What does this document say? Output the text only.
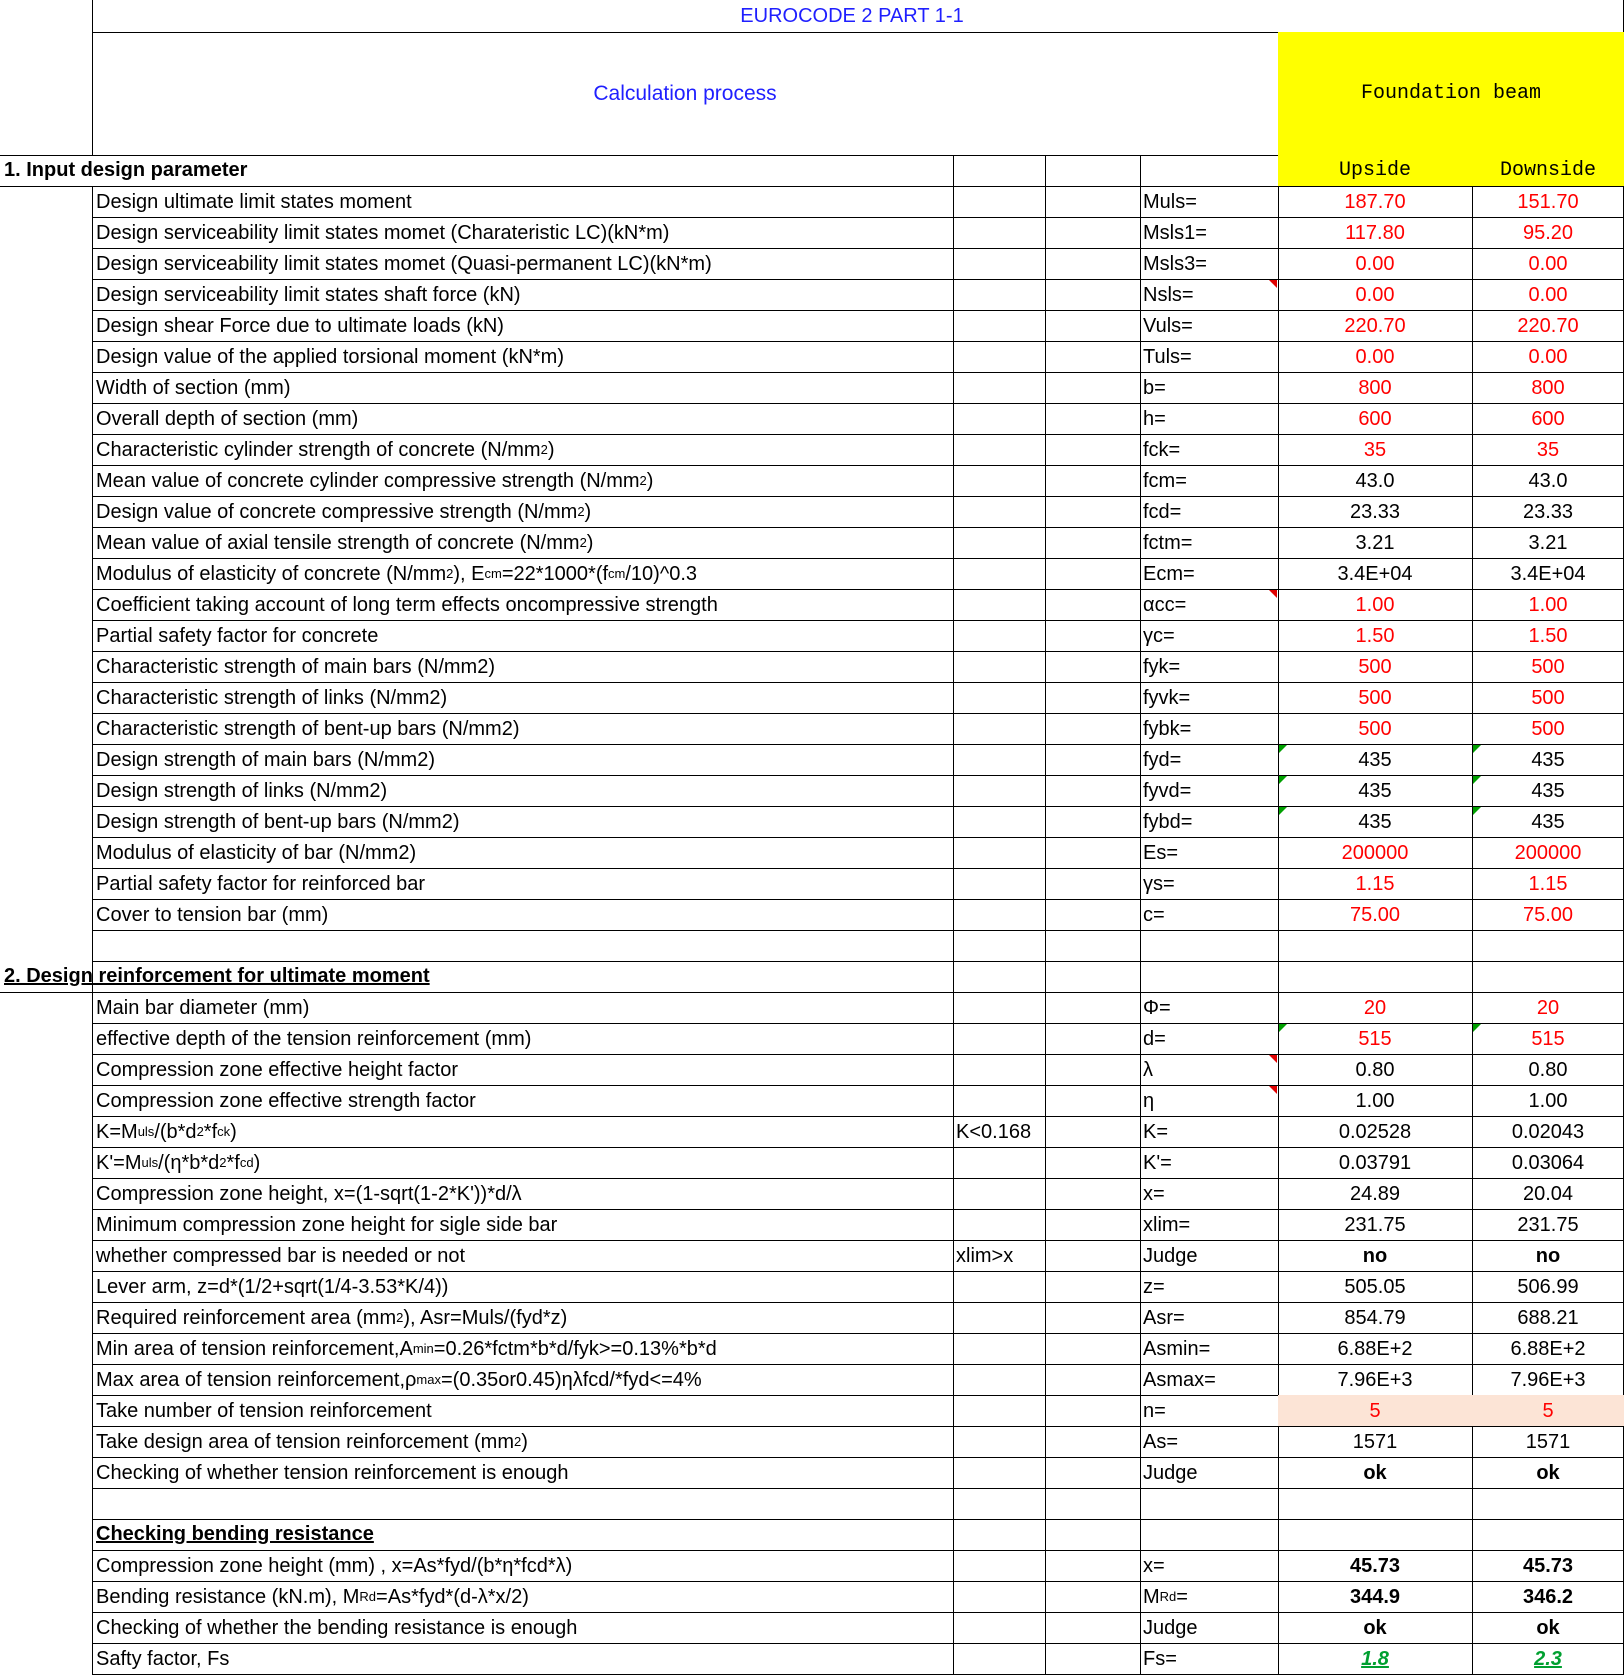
EUROCODE 2 PART 1-1
Calculation process	Foundation beam
Upside	Downside
1. Input design parameter
2. Design reinforcement for ultimate moment
Checking bending resistance
Design ultimate limit states moment	Muls=	187.70	151.70
Design serviceability limit states momet (Charateristic LC)(kN*m)	Msls1=	117.80	95.20
Design serviceability limit states momet (Quasi-permanent LC)(kN*m)	Msls3=	0.00	0.00
Design serviceability limit states shaft force (kN)	Nsls=	0.00	0.00
Design shear Force due to ultimate loads (kN)	Vuls=	220.70	220.70
Design value of the applied torsional moment (kN*m)	Tuls=	0.00	0.00
Width of section (mm)	b=	800	800
Overall depth of section (mm)	h=	600	600
Characteristic cylinder strength of concrete (N/mm 2 )	fck=	35	35
Mean value of concrete cylinder compressive strength (N/mm 2 )	fcm=	43.0	43.0
Design value of concrete compressive strength (N/mm 2 )	fcd=	23.33	23.33
Mean value of axial tensile strength of concrete (N/mm 2 )	fctm=	3.21	3.21
Modulus of elasticity of concrete (N/mm 2 ), E cm =22*1000*(f cm /10)^0.3	Ecm=	3.4E+04	3.4E+04
Coefficient taking account of long term effects oncompressive strength	αcc=	1.00	1.00
Partial safety factor for concrete	γc=	1.50	1.50
Characteristic strength of main bars (N/mm2)	fyk=	500	500
Characteristic strength of links (N/mm2)	fyvk=	500	500
Characteristic strength of bent-up bars (N/mm2)	fybk=	500	500
Design strength of main bars (N/mm2)	fyd=	435	435
Design strength of links (N/mm2)	fyvd=	435	435
Design strength of bent-up bars (N/mm2)	fybd=	435	435
Modulus of elasticity of bar (N/mm2)	Es=	200000	200000
Partial safety factor for reinforced bar	γs=	1.15	1.15
Cover to tension bar (mm)	c=	75.00	75.00
Main bar diameter (mm)	Φ=	20	20
effective depth of the tension reinforcement (mm)	d=	515	515
Compression zone effective height factor	λ	0.80	0.80
Compression zone effective strength factor	η	1.00	1.00
K=M uls /(b*d 2 *f ck )	K<0.168	K=	0.02528	0.02043
K'=M uls /(η*b*d 2 *f cd )	K'=	0.03791	0.03064
Compression zone height, x=(1-sqrt(1-2*K'))*d/λ	x=	24.89	20.04
Minimum compression zone height for sigle side bar	xlim=	231.75	231.75
whether compressed bar is needed or not	xlim>x	Judge	no	no
Lever arm, z=d*(1/2+sqrt(1/4-3.53*K/4))	z=	505.05	506.99
Required reinforcement area (mm 2 ), Asr=Muls/(fyd*z)	Asr=	854.79	688.21
Min area of tension reinforcement,A min =0.26*fctm*b*d/fyk>=0.13%*b*d	Asmin=	6.88E+2	6.88E+2
Max area of tension reinforcement,ρ max =(0.35or0.45)ηλfcd/*fyd<=4%	Asmax=	7.96E+3	7.96E+3
Take number of tension reinforcement	n=	5	5
Take design area of tension reinforcement (mm 2 )	As=	1571	1571
Checking of whether tension reinforcement is enough	Judge	ok	ok
Compression zone height (mm) , x=As*fyd/(b*η*fcd*λ)	x=	45.73	45.73
Bending resistance (kN.m), M Rd =As*fyd*(d-λ*x/2)	M Rd =	344.9	346.2
Checking of whether the bending resistance is enough	Judge	ok	ok
Safty factor, Fs	Fs=	1.8	2.3
